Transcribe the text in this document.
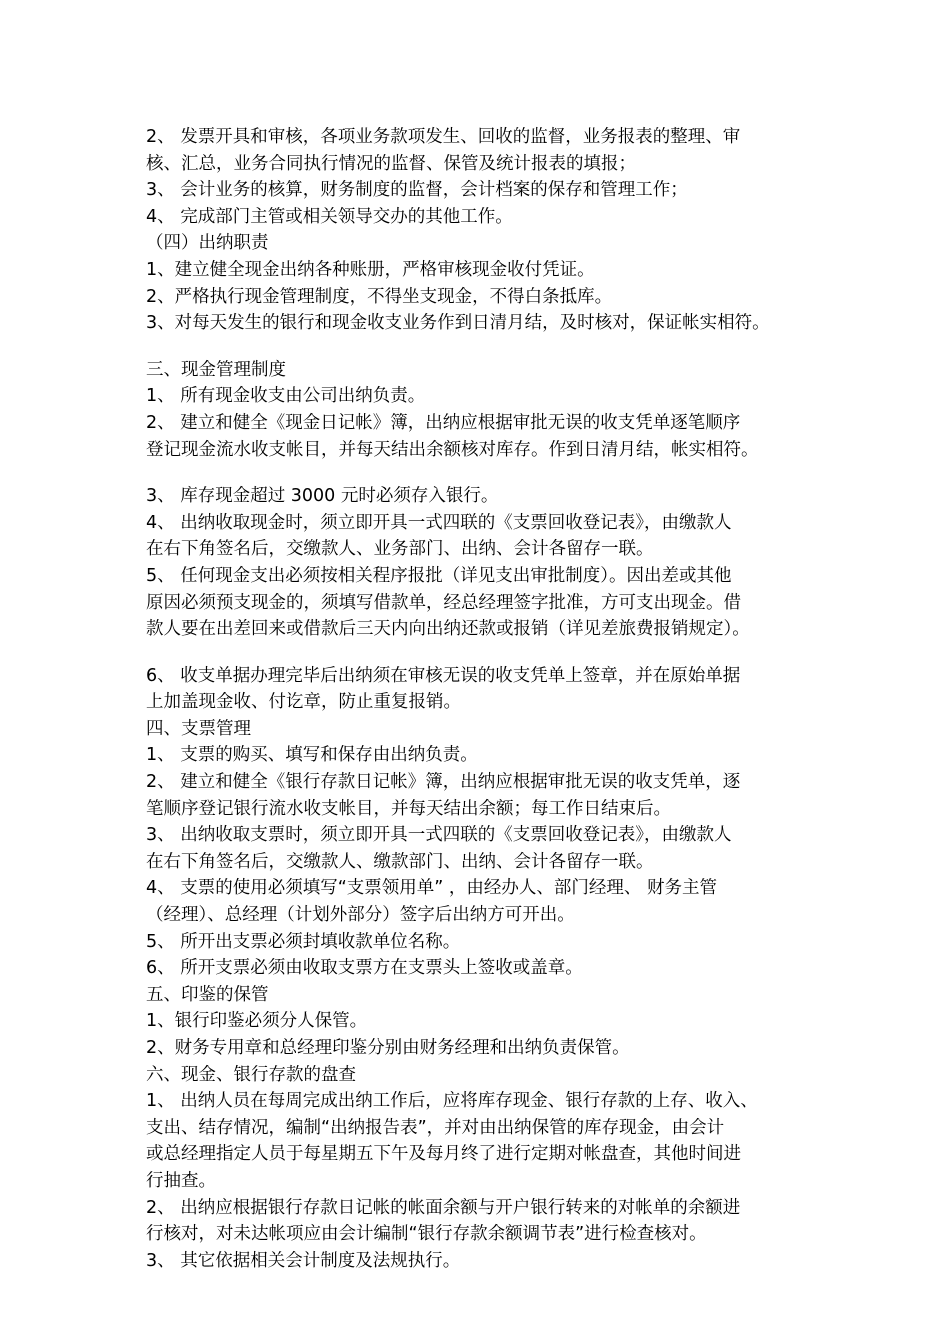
2、 发票开具和审核，各项业务款项发生、回收的监督，业务报表的整理、审
核、汇总，业务合同执行情况的监督、保管及统计报表的填报；
3、 会计业务的核算，财务制度的监督，会计档案的保存和管理工作；
4、 完成部门主管或相关领导交办的其他工作。
（四）出纳职责
1、建立健全现金出纳各种账册，严格审核现金收付凭证。
2、严格执行现金管理制度，不得坐支现金，不得白条抵库。
3、对每天发生的银行和现金收支业务作到日清月结，及时核对，保证帐实相符。
三、现金管理制度
1、 所有现金收支由公司出纳负责。
2、 建立和健全《现金日记帐》簿，出纳应根据审批无误的收支凭单逐笔顺序
登记现金流水收支帐目，并每天结出余额核对库存。作到日清月结，帐实相符。
3、 库存现金超过 3000 元时必须存入银行。
4、 出纳收取现金时，须立即开具一式四联的《支票回收登记表》，由缴款人
在右下角签名后，交缴款人、业务部门、出纳、会计各留存一联。
5、 任何现金支出必须按相关程序报批（详见支出审批制度）。因出差或其他
原因必须预支现金的，须填写借款单，经总经理签字批准，方可支出现金。借
款人要在出差回来或借款后三天内向出纳还款或报销（详见差旅费报销规定）。
6、 收支单据办理完毕后出纳须在审核无误的收支凭单上签章，并在原始单据
上加盖现金收、付讫章，防止重复报销。
四、支票管理
1、 支票的购买、填写和保存由出纳负责。
2、 建立和健全《银行存款日记帐》簿，出纳应根据审批无误的收支凭单，逐
笔顺序登记银行流水收支帐目，并每天结出余额；每工作日结束后。
3、 出纳收取支票时，须立即开具一式四联的《支票回收登记表》，由缴款人
在右下角签名后，交缴款人、缴款部门、出纳、会计各留存一联。
4、 支票的使用必须填写“支票领用单” ，由经办人、部门经理、 财务主管
（经理）、总经理（计划外部分）签字后出纳方可开出。
5、 所开出支票必须封填收款单位名称。
6、 所开支票必须由收取支票方在支票头上签收或盖章。
五、印鉴的保管
1、银行印鉴必须分人保管。
2、财务专用章和总经理印鉴分别由财务经理和出纳负责保管。
六、现金、银行存款的盘查
1、 出纳人员在每周完成出纳工作后，应将库存现金、银行存款的上存、收入、
支出、结存情况，编制“出纳报告表”，并对由出纳保管的库存现金，由会计
或总经理指定人员于每星期五下午及每月终了进行定期对帐盘查，其他时间进
行抽查。
2、 出纳应根据银行存款日记帐的帐面余额与开户银行转来的对帐单的余额进
行核对，对未达帐项应由会计编制“银行存款余额调节表”进行检查核对。
3、 其它依据相关会计制度及法规执行。
